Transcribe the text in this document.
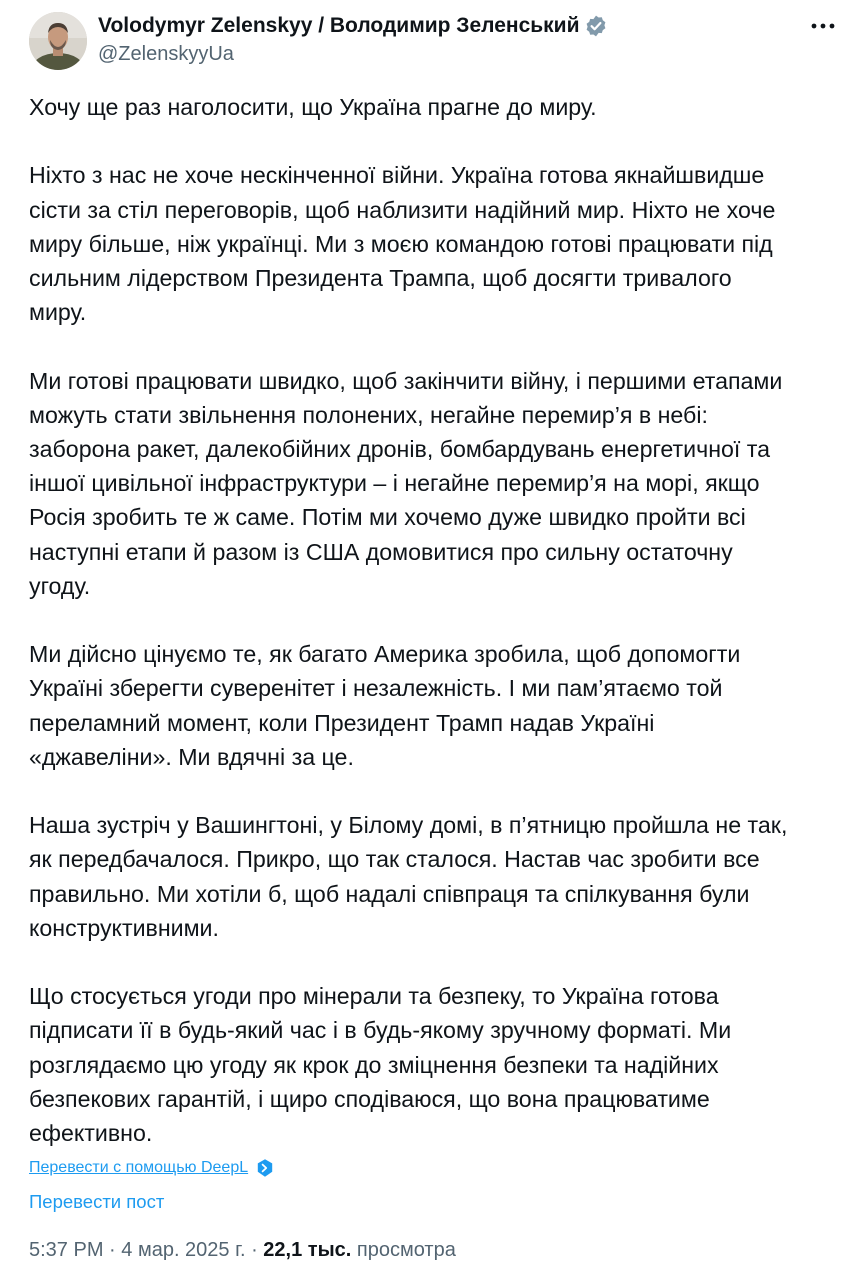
Volodymyr Zelenskyy / Володимир Зеленський
@ZelenskyyUa

Хочу ще раз наголосити, що Україна прагне до миру.

Ніхто з нас не хоче нескінченної війни. Україна готова якнайшвидше
сісти за стіл переговорів, щоб наблизити надійний мир. Ніхто не хоче
миру більше, ніж українці. Ми з моєю командою готові працювати під
сильним лідерством Президента Трампа, щоб досягти тривалого
миру.

Ми готові працювати швидко, щоб закінчити війну, і першими етапами
можуть стати звільнення полонених, негайне перемир’я в небі:
заборона ракет, далекобійних дронів, бомбардувань енергетичної та
іншої цивільної інфраструктури – і негайне перемир’я на морі, якщо
Росія зробить те ж саме. Потім ми хочемо дуже швидко пройти всі
наступні етапи й разом із США домовитися про сильну остаточну
угоду.

Ми дійсно цінуємо те, як багато Америка зробила, щоб допомогти
Україні зберегти суверенітет і незалежність. І ми пам’ятаємо той
переламний момент, коли Президент Трамп надав Україні
«джавеліни». Ми вдячні за це.

Наша зустріч у Вашингтоні, у Білому домі, в п’ятницю пройшла не так,
як передбачалося. Прикро, що так сталося. Настав час зробити все
правильно. Ми хотіли б, щоб надалі співпраця та спілкування були
конструктивними.

Що стосується угоди про мінерали та безпеку, то Україна готова
підписати її в будь-який час і в будь-якому зручному форматі. Ми
розглядаємо цю угоду як крок до зміцнення безпеки та надійних
безпекових гарантій, і щиро сподіваюся, що вона працюватиме
ефективно.

Перевести с помощью DeepL
Перевести пост
5:37 PM · 4 мар. 2025 г. · 22,1 тыс. просмотра
